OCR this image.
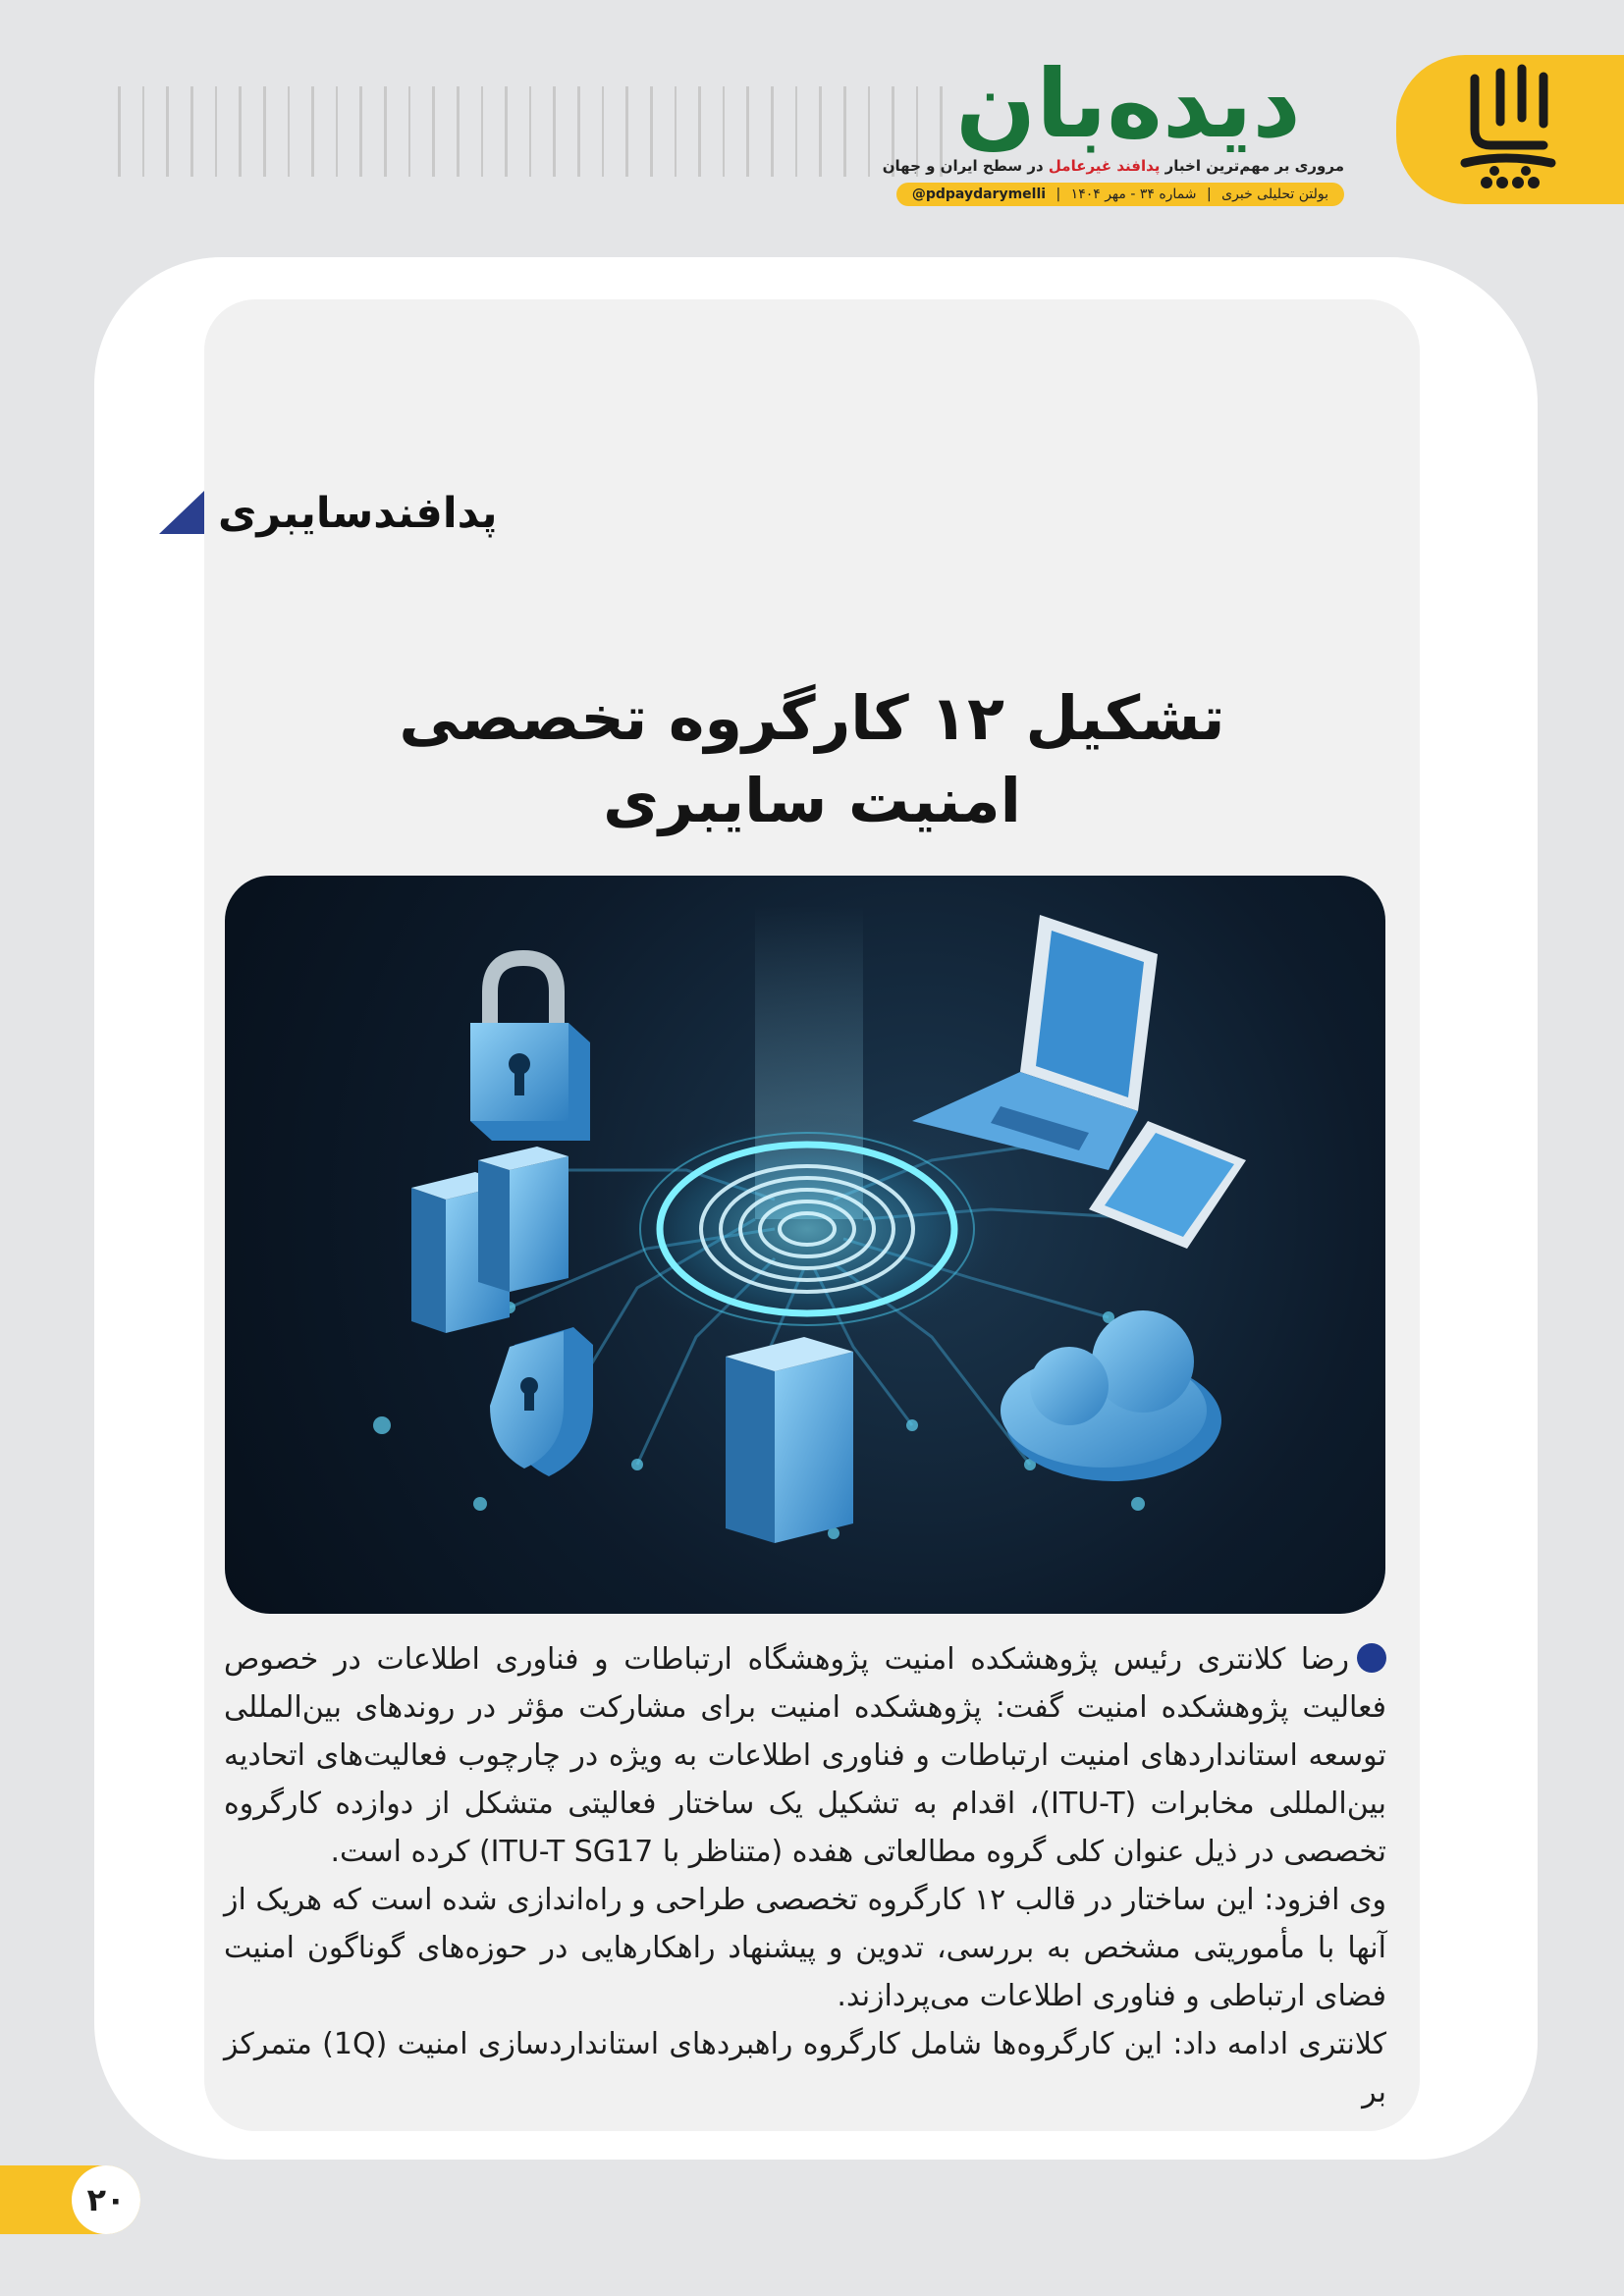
دیده‌بان
مروری بر مهم‌ترین اخبار پدافند غیرعامل در سطح ایران و جهان
بولتن تحلیلی خبری | شماره ۳۴ - مهر ۱۴۰۴ | @pdpaydarymelli
پدافندسایبری
تشکیل ۱۲ کارگروه تخصصی
امنیت سایبری

رضا کلانتری رئیس پژوهشکده امنیت پژوهشگاه ارتباطات و فناوری اطلاعات در خصوص فعالیت پژوهشکده امنیت گفت: پژوهشکده امنیت برای مشارکت مؤثر در روندهای بین‌المللی توسعه استانداردهای امنیت ارتباطات و فناوری اطلاعات به ویژه در چارچوب فعالیت‌های اتحادیه بین‌المللی مخابرات (ITU-T)، اقدام به تشکیل یک ساختار فعالیتی متشکل از دوازده کارگروه تخصصی در ذیل عنوان کلی گروه مطالعاتی هفده (متناظر با ITU-T SG17) کرده است.

وی افزود: این ساختار در قالب ۱۲ کارگروه تخصصی طراحی و راه‌اندازی شده است که هریک از آنها با مأموریتی مشخص به بررسی، تدوین و پیشنهاد راهکارهایی در حوزه‌های گوناگون امنیت فضای ارتباطی و فناوری اطلاعات می‌پردازند.

کلانتری ادامه داد: این کارگروه‌ها شامل کارگروه راهبردهای استانداردسازی امنیت (1Q) متمرکز بر

۲۰
